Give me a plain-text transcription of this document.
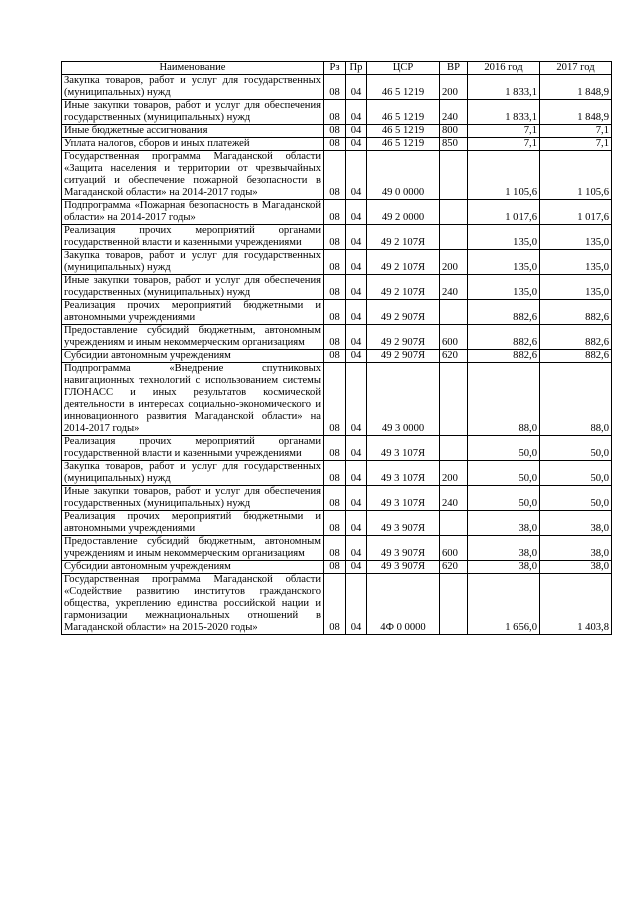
Наименование	Рз	Пр	ЦСР	ВР	2016 год	2017 год
Закупка товаров, работ и услуг для государственных (муниципальных) нужд	08	04	46 5 1219	200	1 833,1	1 848,9
Иные закупки товаров, работ и услуг для обеспечения государственных (муниципальных) нужд	08	04	46 5 1219	240	1 833,1	1 848,9
Иные бюджетные ассигнования	08	04	46 5 1219	800	7,1	7,1
Уплата налогов, сборов и иных платежей	08	04	46 5 1219	850	7,1	7,1
Государственная программа Магаданской области «Защита населения и территории от чрезвычайных ситуаций и обеспечение пожарной безопасности в Магаданской области» на 2014-2017 годы»	08	04	49 0 0000		1 105,6	1 105,6
Подпрограмма «Пожарная безопасность в Магаданской области» на 2014-2017 годы»	08	04	49 2 0000		1 017,6	1 017,6
Реализация прочих мероприятий органами государственной власти и казенными учреждениями	08	04	49 2 107Я		135,0	135,0
Закупка товаров, работ и услуг для государственных (муниципальных) нужд	08	04	49 2 107Я	200	135,0	135,0
Иные закупки товаров, работ и услуг для обеспечения государственных (муниципальных) нужд	08	04	49 2 107Я	240	135,0	135,0
Реализация прочих мероприятий бюджетными и автономными учреждениями	08	04	49 2 907Я		882,6	882,6
Предоставление субсидий бюджетным, автономным учреждениям и иным некоммерческим организациям	08	04	49 2 907Я	600	882,6	882,6
Субсидии автономным учреждениям	08	04	49 2 907Я	620	882,6	882,6
Подпрограмма «Внедрение спутниковых навигационных технологий с использованием системы ГЛОНАСС и иных результатов космической деятельности в интересах социально-экономического и инновационного развития Магаданской области» на 2014-2017 годы»	08	04	49 3 0000		88,0	88,0
Реализация прочих мероприятий органами государственной власти и казенными учреждениями	08	04	49 3 107Я		50,0	50,0
Закупка товаров, работ и услуг для государственных (муниципальных) нужд	08	04	49 3 107Я	200	50,0	50,0
Иные закупки товаров, работ и услуг для обеспечения государственных (муниципальных) нужд	08	04	49 3 107Я	240	50,0	50,0
Реализация прочих мероприятий бюджетными и автономными учреждениями	08	04	49 3 907Я		38,0	38,0
Предоставление субсидий бюджетным, автономным учреждениям и иным некоммерческим организациям	08	04	49 3 907Я	600	38,0	38,0
Субсидии автономным учреждениям	08	04	49 3 907Я	620	38,0	38,0
Государственная программа Магаданской области «Содействие развитию институтов гражданского общества, укреплению единства российской нации и гармонизации межнациональных отношений в Магаданской области» на 2015-2020 годы»	08	04	4Ф 0 0000		1 656,0	1 403,8
